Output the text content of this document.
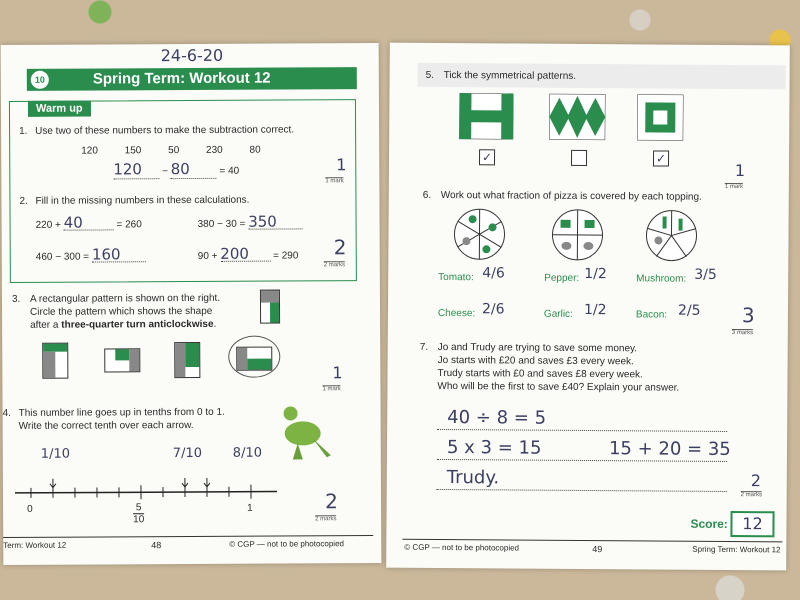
24-6-20
10	Spring Term: Workout 12
Warm up
1. Use two of these numbers to make the subtraction correct.
120	150	50	230	80
120 − 80	= 40	1
1 mark
2. Fill in the missing numbers in these calculations.
220 + 40	= 260	380 − 30 = 350
460 − 300 = 160	90 + 200 = 290 2
2 marks
3. A rectangular pattern is shown on the right.
Circle the pattern which shows the shape
after a three-quarter turn anticlockwise.
1
1 mark
4. This number line goes up in tenths from 0 to 1.
Write the correct tenth over each arrow.
1/10	7/10 8/10
0	$\frac{5}{10}$	1	2
2 marks
Term: Workout 12	48	© CGP — not to be photocopied
5. Tick the symmetrical patterns.
✓	✓
1
1 mark
6. Work out what fraction of pizza is covered by each topping.
Tomato: 4/6	Pepper: 1/2	Mushroom: 3/5
Cheese: 2/6	Garlic: 1/2	Bacon: 2/5 3
3 marks
7. Jo and Trudy are trying to save some money.
Jo starts with £20 and saves £3 every week.
Trudy starts with £0 and saves £8 every week.
Who will be the first to save £40? Explain your answer.
40 ÷ 8 = 5
5 x 3 = 15	15 + 20 = 35
Trudy.	2
2 marks
Score: 12
© CGP — not to be photocopied	49	Spring Term: Workout 12
